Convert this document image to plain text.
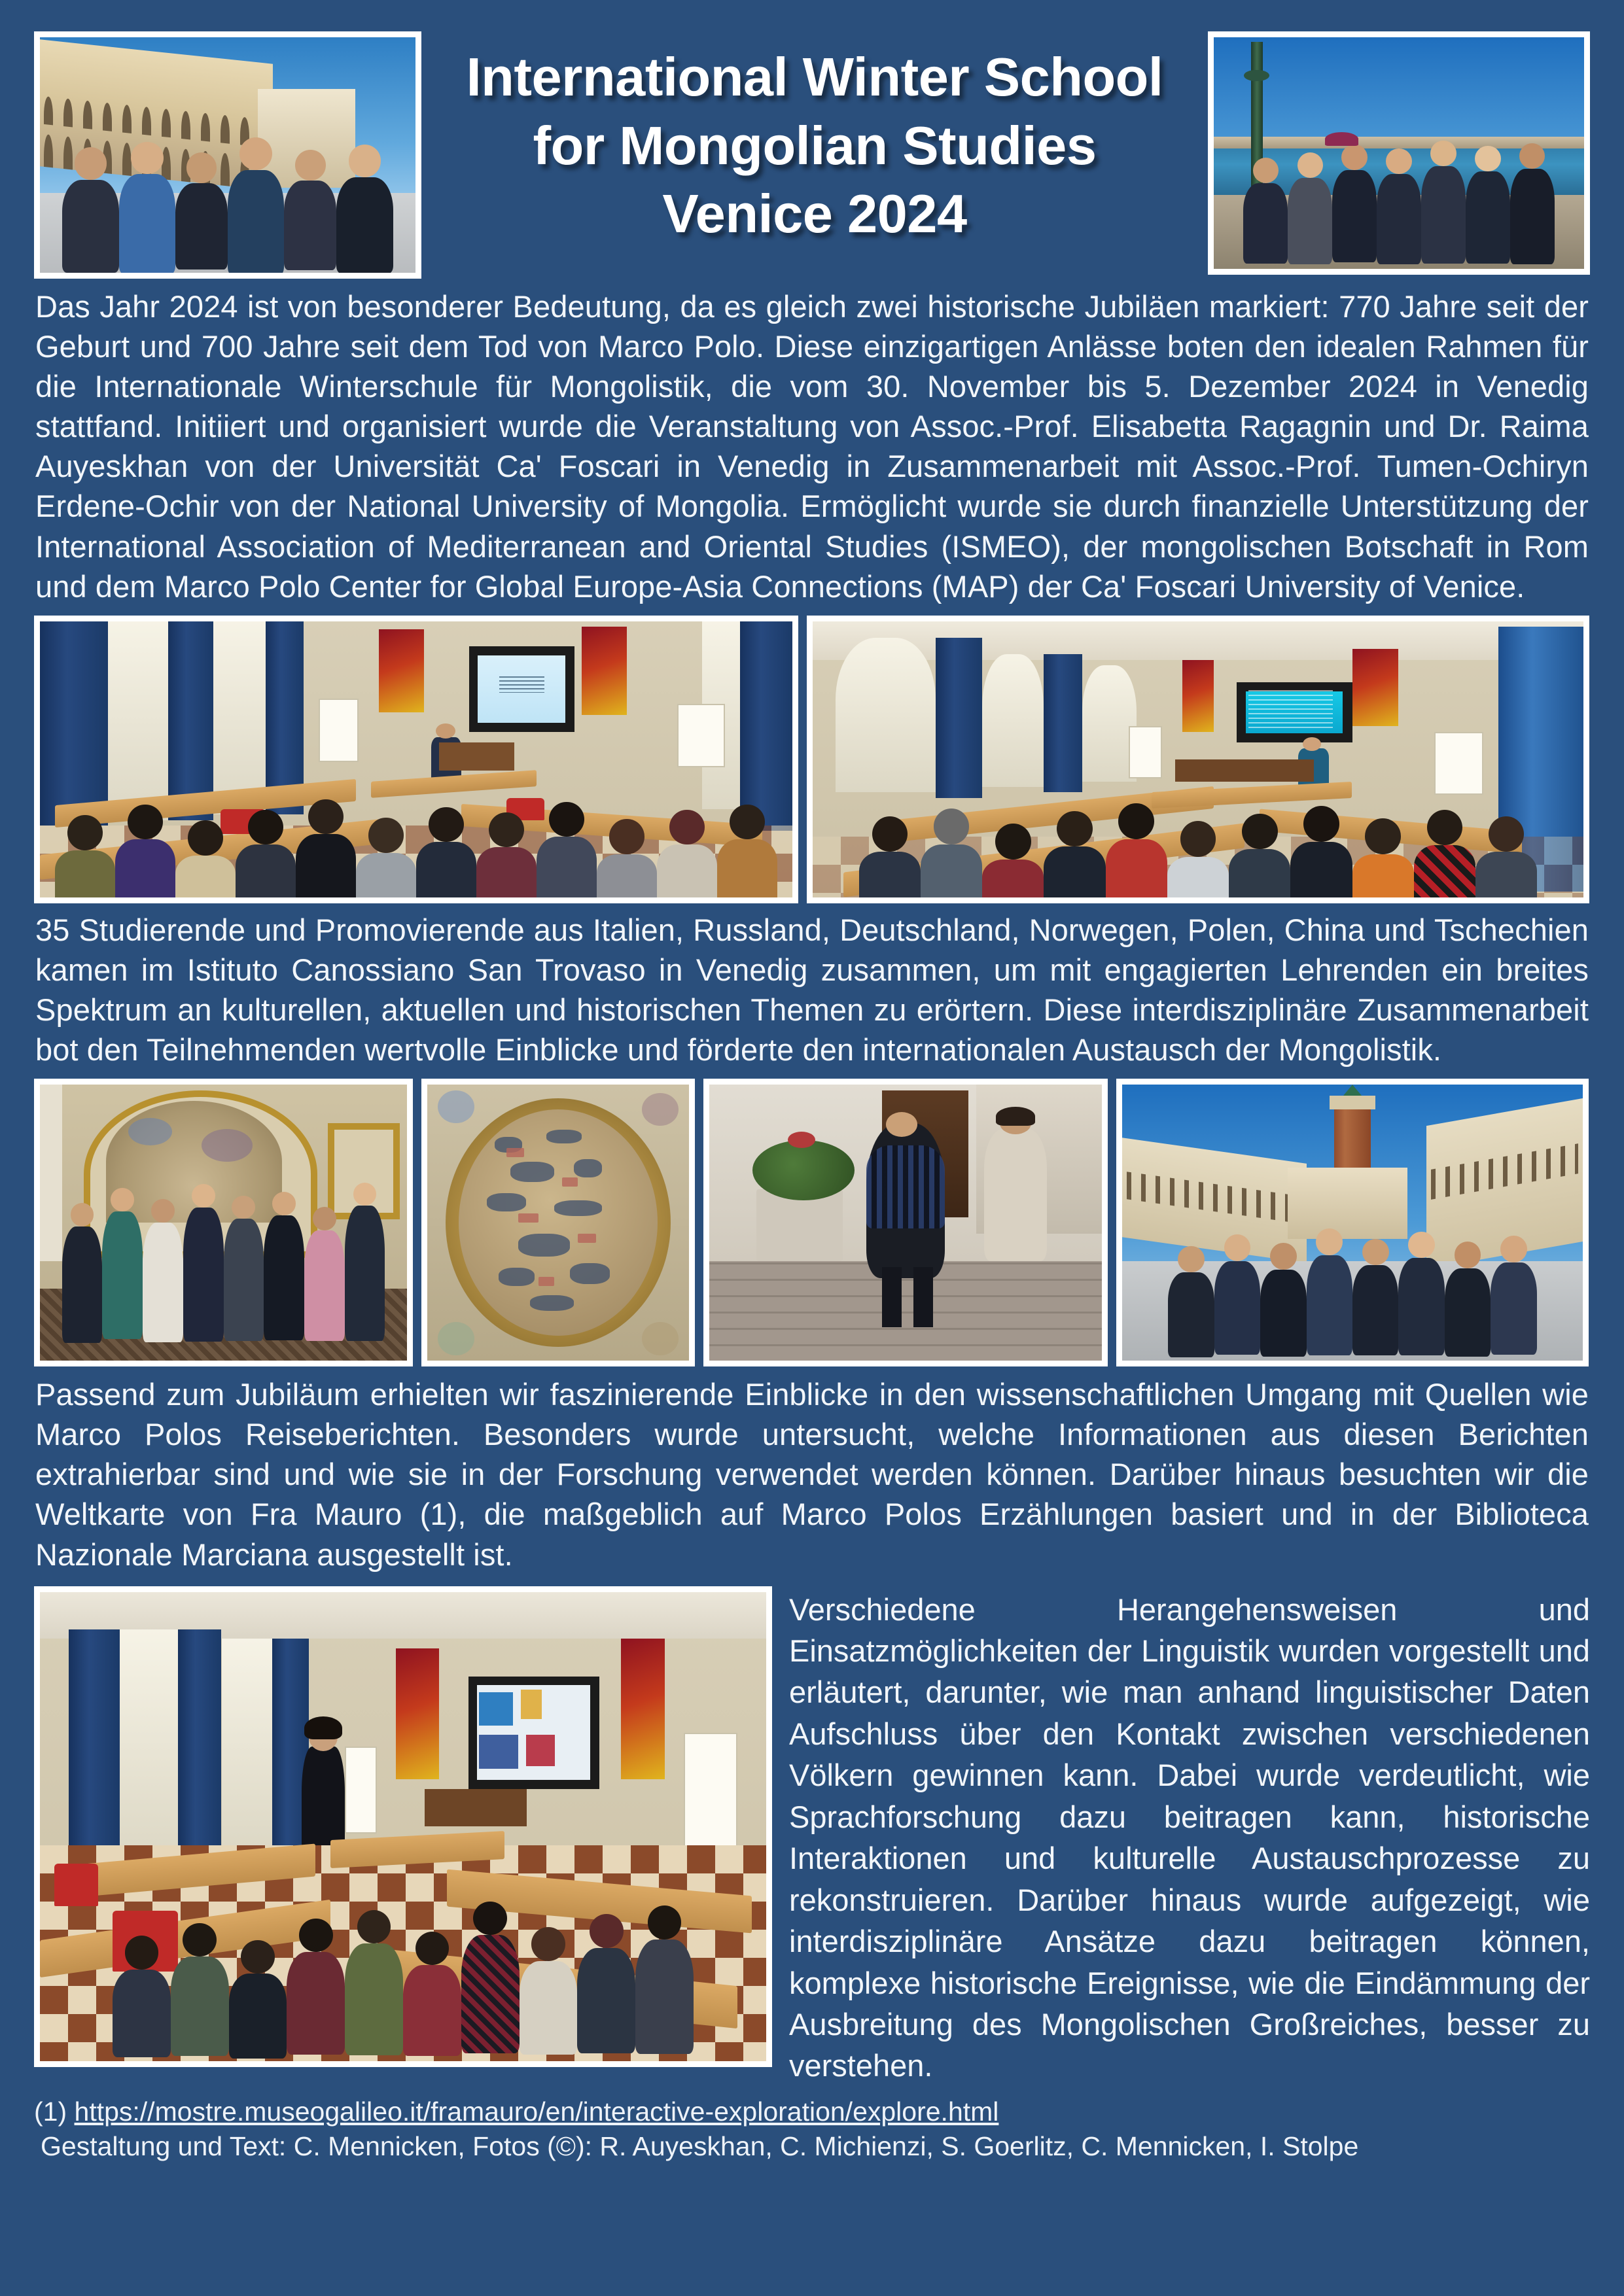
International Winter School
for Mongolian Studies
Venice 2024

Das Jahr 2024 ist von besonderer Bedeutung, da es gleich zwei historische Jubiläen markiert: 770 Jahre seit der Geburt und 700 Jahre seit dem Tod von Marco Polo. Diese einzigartigen Anlässe boten den idealen Rahmen für die Internationale Winterschule für Mongolistik, die vom 30. November bis 5. Dezember 2024 in Venedig stattfand. Initiiert und organisiert wurde die Veranstaltung von Assoc.-Prof. Elisabetta Ragagnin und Dr. Raima Auyeskhan von der Universität Ca' Foscari in Venedig in Zusammenarbeit mit Assoc.-Prof. Tumen-Ochiryn Erdene-Ochir von der National University of Mongolia. Ermöglicht wurde sie durch finanzielle Unterstützung der International Association of Mediterranean and Oriental Studies (ISMEO), der mongolischen Botschaft in Rom und dem Marco Polo Center for Global Europe-Asia Connections (MAP) der Ca' Foscari University of Venice.

35 Studierende und Promovierende aus Italien, Russland, Deutschland, Norwegen, Polen, China und Tschechien kamen im Istituto Canossiano San Trovaso in Venedig zusammen, um mit engagierten Lehrenden ein breites Spektrum an kulturellen, aktuellen und historischen Themen zu erörtern. Diese interdisziplinäre Zusammenarbeit bot den Teilnehmenden wertvolle Einblicke und förderte den internationalen Austausch der Mongolistik.

Passend zum Jubiläum erhielten wir faszinierende Einblicke in den wissenschaftlichen Umgang mit Quellen wie Marco Polos Reiseberichten. Besonders wurde untersucht, welche Informationen aus diesen Berichten extrahierbar sind und wie sie in der Forschung verwendet werden können. Darüber hinaus besuchten wir die Weltkarte von Fra Mauro (1), die maßgeblich auf Marco Polos Erzählungen basiert und in der Biblioteca Nazionale Marciana ausgestellt ist.

Verschiedene Herangehensweisen und Einsatzmöglichkeiten der Linguistik wurden vorgestellt und erläutert, darunter, wie man anhand linguistischer Daten Aufschluss über den Kontakt zwischen verschiedenen Völkern gewinnen kann. Dabei wurde verdeutlicht, wie Sprachforschung dazu beitragen kann, historische Interaktionen und kulturelle Austauschprozesse zu rekonstruieren. Darüber hinaus wurde aufgezeigt, wie interdisziplinäre Ansätze dazu beitragen können, komplexe historische Ereignisse, wie die Eindämmung der Ausbreitung des Mongolischen Großreiches, besser zu verstehen.
(1) https://mostre.museogalileo.it/framauro/en/interactive-exploration/explore.html
Gestaltung und Text: C. Mennicken, Fotos (©): R. Auyeskhan, C. Michienzi, S. Goerlitz, C. Mennicken, I. Stolpe
